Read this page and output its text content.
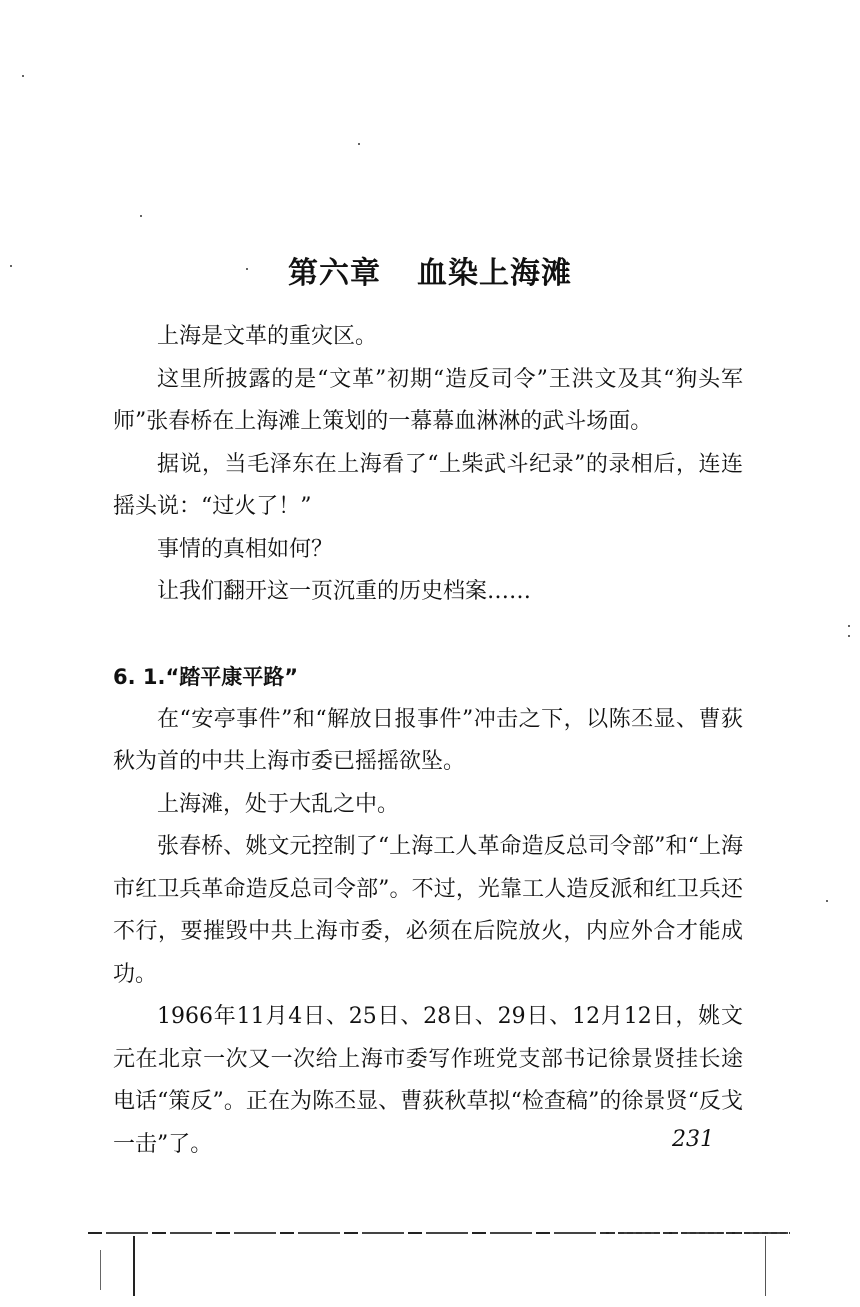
第六章 血染上海滩

上海是文革的重灾区。

这里所披露的是“文革”初期“造反司令”王洪文及其“狗头军师”张春桥在上海滩上策划的一幕幕血淋淋的武斗场面。

据说，当毛泽东在上海看了“上柴武斗纪录”的录相后，连连摇头说：“过火了！”

事情的真相如何？

让我们翻开这一页沉重的历史档案……

6. 1.“踏平康平路”

在“安亭事件”和“解放日报事件”冲击之下，以陈丕显、曹荻秋为首的中共上海市委已摇摇欲坠。

上海滩，处于大乱之中。

张春桥、姚文元控制了“上海工人革命造反总司令部”和“上海市红卫兵革命造反总司令部”。不过，光靠工人造反派和红卫兵还不行，要摧毁中共上海市委，必须在后院放火，内应外合才能成功。

1966年11月4日、25日、28日、29日、12月12日，姚文元在北京一次又一次给上海市委写作班党支部书记徐景贤挂长途电话“策反”。正在为陈丕显、曹荻秋草拟“检查稿”的徐景贤“反戈一击”了。	231
